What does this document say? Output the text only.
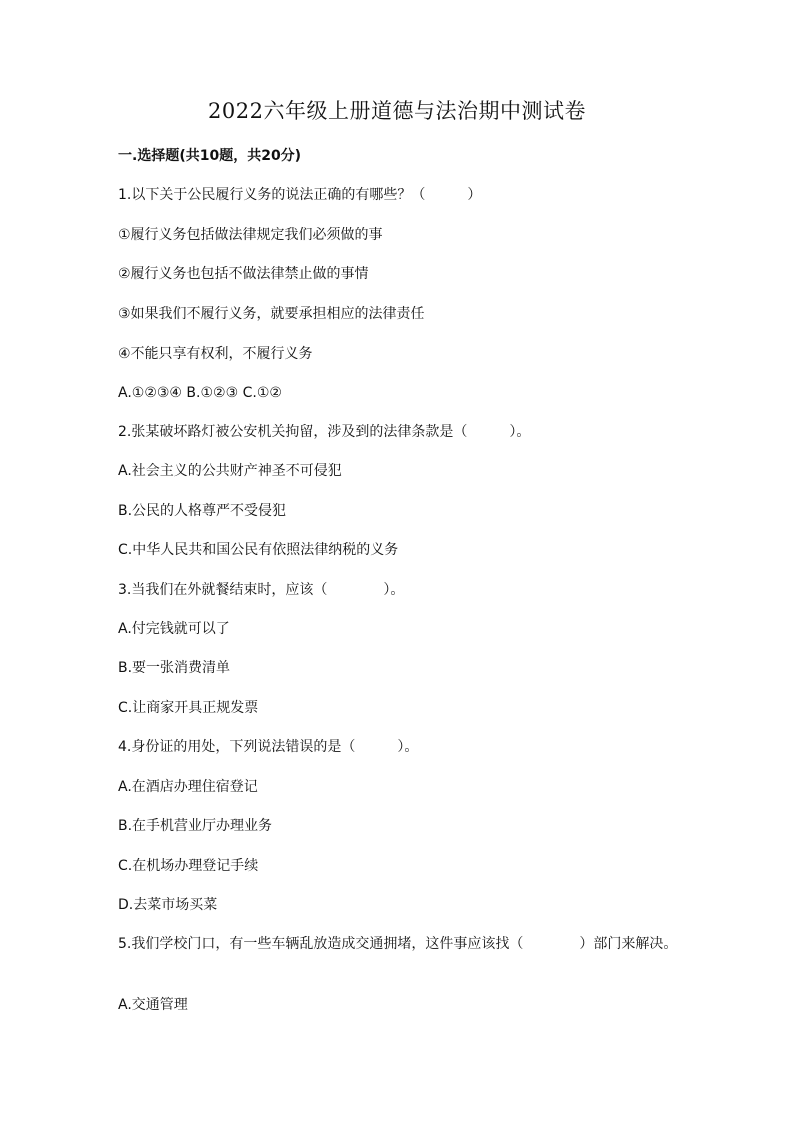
2022六年级上册道德与法治期中测试卷
一.选择题(共10题，共20分)
1.以下关于公民履行义务的说法正确的有哪些？（　　　）
①履行义务包括做法律规定我们必须做的事
②履行义务也包括不做法律禁止做的事情
③如果我们不履行义务，就要承担相应的法律责任
④不能只享有权利，不履行义务
A.①②③④ B.①②③ C.①②
2.张某破坏路灯被公安机关拘留，涉及到的法律条款是（　　　）。
A.社会主义的公共财产神圣不可侵犯
B.公民的人格尊严不受侵犯
C.中华人民共和国公民有依照法律纳税的义务
3.当我们在外就餐结束时，应该（　　　　）。
A.付完钱就可以了
B.要一张消费清单
C.让商家开具正规发票
4.身份证的用处，下列说法错误的是（　　　）。
A.在酒店办理住宿登记
B.在手机营业厅办理业务
C.在机场办理登记手续
D.去菜市场买菜
5.我们学校门口，有一些车辆乱放造成交通拥堵，这件事应该找（　　　　）部门来解决。
A.交通管理
